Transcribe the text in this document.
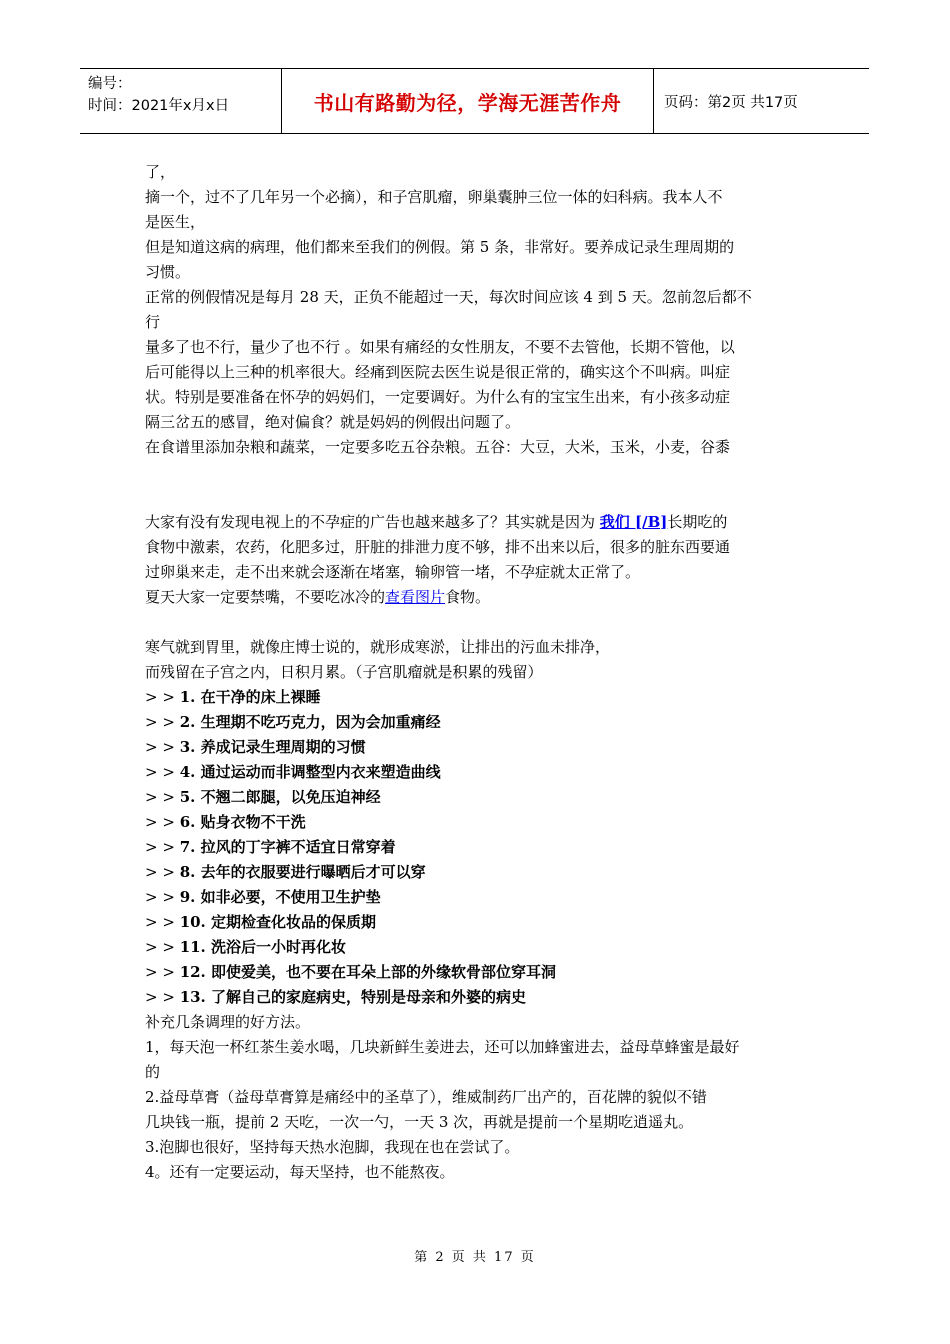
编号：
时间：2021年x月x日	书山有路勤为径，学海无涯苦作舟	页码：第2页 共17页

了，

摘一个，过不了几年另一个必摘），和子宫肌瘤，卵巢囊肿三位一体的妇科病。我本人不

是医生，

但是知道这病的病理，他们都来至我们的例假。第 5 条，非常好。要养成记录生理周期的

习惯。

正常的例假情况是每月 28 天，正负不能超过一天，每次时间应该 4 到 5 天。忽前忽后都不

行

量多了也不行，量少了也不行 。如果有痛经的女性朋友，不要不去管他，长期不管他，以

后可能得以上三种的机率很大。经痛到医院去医生说是很正常的，确实这个不叫病。叫症

状。特别是要准备在怀孕的妈妈们，一定要调好。为什么有的宝宝生出来，有小孩多动症

隔三岔五的感冒，绝对偏食？就是妈妈的例假出问题了。

在食谱里添加杂粮和蔬菜，一定要多吃五谷杂粮。五谷：大豆，大米，玉米，小麦，谷黍

大家有没有发现电视上的不孕症的广告也越来越多了？其实就是因为 我们 [/B]长期吃的

食物中激素，农药，化肥多过，肝脏的排泄力度不够，排不出来以后，很多的脏东西要通

过卵巢来走，走不出来就会逐渐在堵塞，输卵管一堵，不孕症就太正常了。

夏天大家一定要禁嘴，不要吃冰冷的查看图片食物。

寒气就到胃里，就像庄博士说的，就形成寒淤，让排出的污血未排净，

而残留在子宫之内，日积月累。（子宫肌瘤就是积累的残留）

> > 1. 在干净的床上裸睡

> > 2. 生理期不吃巧克力，因为会加重痛经

> > 3. 养成记录生理周期的习惯

> > 4. 通过运动而非调整型内衣来塑造曲线

> > 5. 不翘二郎腿，以免压迫神经

> > 6. 贴身衣物不干洗

> > 7. 拉风的丁字裤不适宜日常穿着

> > 8. 去年的衣服要进行曝晒后才可以穿

> > 9. 如非必要，不使用卫生护垫

> > 10. 定期检查化妆品的保质期

> > 11. 洗浴后一小时再化妆

> > 12. 即使爱美，也不要在耳朵上部的外缘软骨部位穿耳洞

> > 13. 了解自己的家庭病史，特别是母亲和外婆的病史

补充几条调理的好方法。

1，每天泡一杯红茶生姜水喝，几块新鲜生姜进去，还可以加蜂蜜进去，益母草蜂蜜是最好

的

2.益母草膏（益母草膏算是痛经中的圣草了），维威制药厂出产的，百花牌的貌似不错

几块钱一瓶，提前 2 天吃，一次一勺，一天 3 次，再就是提前一个星期吃逍遥丸。

3.泡脚也很好，坚持每天热水泡脚，我现在也在尝试了。

4。还有一定要运动，每天坚持，也不能熬夜。

第 2 页 共 17 页
